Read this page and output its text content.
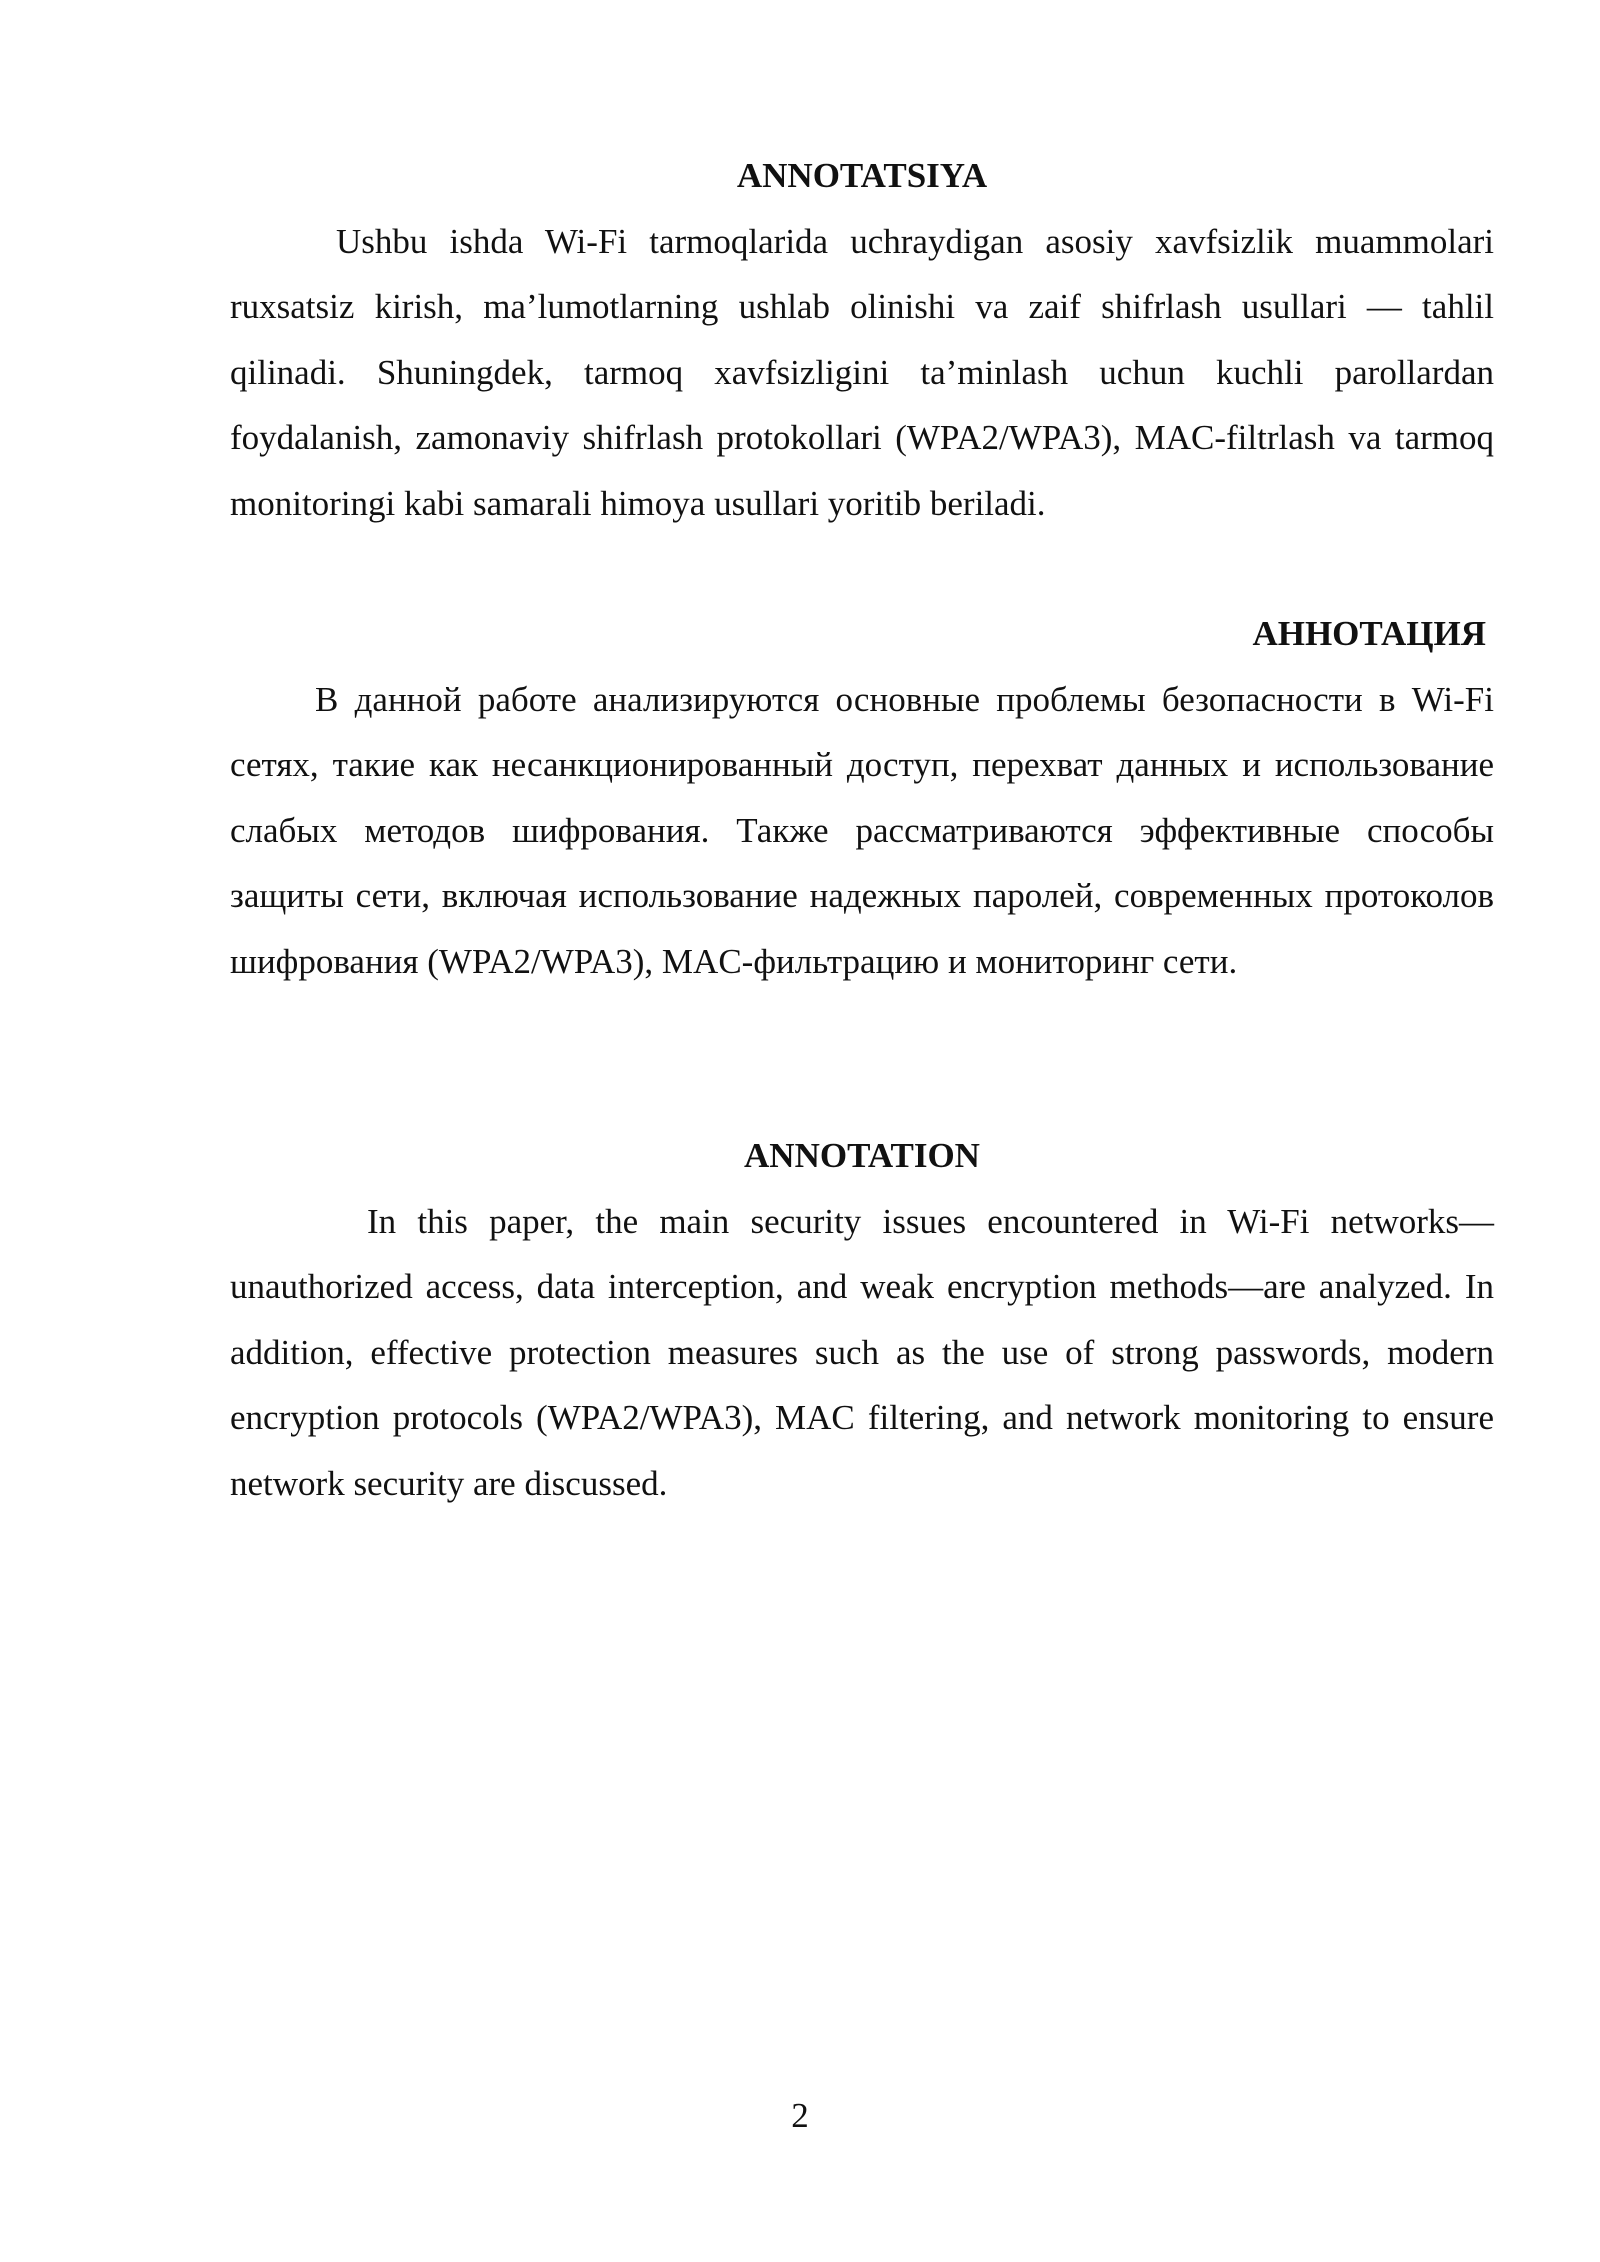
ANNOTATSIYA

Ushbu ishda Wi-Fi tarmoqlarida uchraydigan asosiy xavfsizlik muammolari ruxsatsiz kirish, ma’lumotlarning ushlab olinishi va zaif shifrlash usullari — tahlil qilinadi. Shuningdek, tarmoq xavfsizligini ta’minlash uchun kuchli parollardan foydalanish, zamonaviy shifrlash protokollari (WPA2/WPA3), MAC-filtrlash va tarmoq monitoringi kabi samarali himoya usullari yoritib beriladi.

АННОТАЦИЯ

В данной работе анализируются основные проблемы безопасности в Wi-Fi сетях, такие как несанкционированный доступ, перехват данных и использование слабых методов шифрования. Также рассматриваются эффективные способы защиты сети, включая использование надежных паролей, современных протоколов шифрования (WPA2/WPA3), MAC-фильтрацию и мониторинг сети.

ANNOTATION

In this paper, the main security issues encountered in Wi-Fi networks—unauthorized access, data interception, and weak encryption methods—are analyzed. In addition, effective protection measures such as the use of strong passwords, modern encryption protocols (WPA2/WPA3), MAC filtering, and network monitoring to ensure network security are discussed.

2
